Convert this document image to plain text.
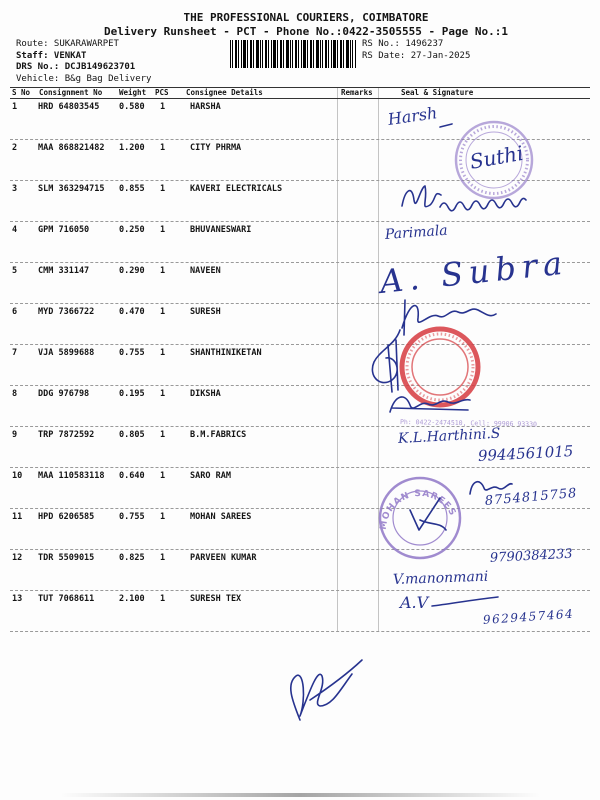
THE PROFESSIONAL COURIERS, COIMBATORE
Delivery Runsheet - PCT - Phone No.:0422-3505555 - Page No.:1
Route: SUKARAWARPET
Staff: VENKAT
DRS No.: DCJB149623701
Vehicle: B&g Bag Delivery
RS No.: 1496237
RS Date: 27-Jan-2025
S No	Consignment No	Weight	PCS	Consignee Details	Remarks	Seal & Signature
1	HRD 64803545	0.580	1	HARSHA
2	MAA 868821482	1.200	1	CITY PHRMA
3	SLM 363294715	0.855	1	KAVERI ELECTRICALS
4	GPM 716050	0.250	1	BHUVANESWARI
5	CMM 331147	0.290	1	NAVEEN
6	MYD 7366722	0.470	1	SURESH
7	VJA 5899688	0.755	1	SHANTHINIKETAN
8	DDG 976798	0.195	1	DIKSHA
9	TRP 7872592	0.805	1	B.M.FABRICS
10	MAA 110583118	0.640	1	SARO RAM
11	HPD 6206585	0.755	1	MOHAN SAREES
12	TDR 5509015	0.825	1	PARVEEN KUMAR
13	TUT 7068611	2.100	1	SURESH TEX
MOHAN SAREES
Harsh
Suthi
Parimala
A. Subra
Ph: 0422-2474510, Cell: 99906 93330
K.L.Harthini.S
9944561015
8754815758
9790384233
V.manonmani
A.V
9629457464
